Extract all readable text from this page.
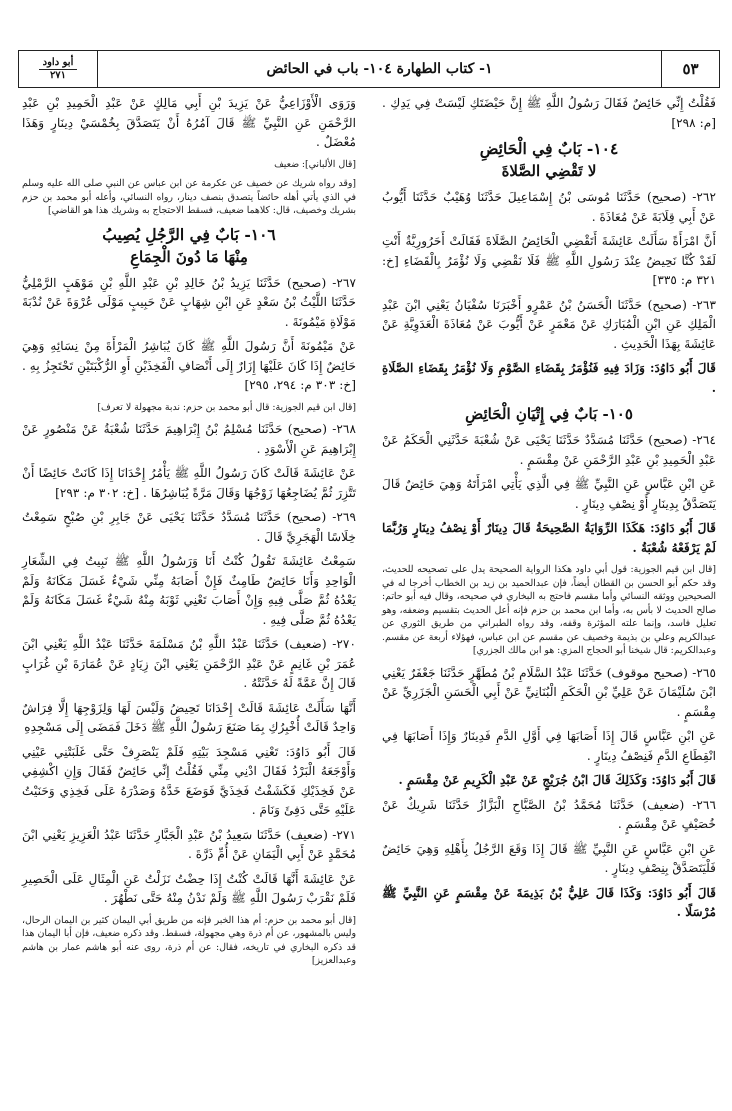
٥٣
١- كتاب الطهارة ١٠٤- باب في الحائض
أبو داود
٢٧١

فَقُلْتُ إِنِّي حَائِضٌ فَقَالَ رَسُولُ اللَّهِ ﷺ إِنَّ حَيْضَتَكِ لَيْسَتْ فِي يَدِكِ . [م: ٢٩٨]

١٠٤- بَابٌ فِي الْحَائِضِ
لا تَقْضِي الصَّلاةَ

٢٦٢- (صحيح) حَدَّثَنَا مُوسَى بْنُ إِسْمَاعِيلَ حَدَّثَنَا وُهَيْبٌ حَدَّثَنَا أَيُّوبُ عَنْ أَبِي قِلَابَةَ عَنْ مُعَاذَةَ .

أَنَّ امْرَأَةً سَأَلَتْ عَائِشَةَ أَتَقْضِي الْحَائِضُ الصَّلَاةَ فَقَالَتْ أَحَرُورِيَّةٌ أَنْتِ لَقَدْ كُنَّا نَحِيضُ عِنْدَ رَسُولِ اللَّهِ ﷺ فَلَا نَقْضِي وَلَا نُؤْمَرُ بِالْقَضَاءِ [خ: ٣٢١ م: ٣٣٥]

٢٦٣- (صحيح) حَدَّثَنَا الْحَسَنُ بْنُ عَمْرٍو أَخْبَرَنَا سُفْيَانُ يَعْنِي ابْنَ عَبْدِ الْمَلِكِ عَنِ ابْنِ الْمُبَارَكِ عَنْ مَعْمَرٍ عَنْ أَيُّوبَ عَنْ مُعَاذَةَ الْعَدَوِيَّةِ عَنْ عَائِشَةَ بِهَذَا الْحَدِيثِ .

قَالَ أَبُو دَاوُدَ: وَزَادَ فِيهِ فَنُؤْمَرُ بِقَضَاءِ الصَّوْمِ وَلَا نُؤْمَرُ بِقَضَاءِ الصَّلَاةِ .

١٠٥- بَابٌ فِي إِتْيَانِ الْحَائِضِ

٢٦٤- (صحيح) حَدَّثَنَا مُسَدَّدٌ حَدَّثَنَا يَحْيَى عَنْ شُعْبَةَ حَدَّثَنِي الْحَكَمُ عَنْ عَبْدِ الْحَمِيدِ بْنِ عَبْدِ الرَّحْمَنِ عَنْ مِقْسَمٍ .

عَنِ ابْنِ عَبَّاسٍ عَنِ النَّبِيِّ ﷺ فِي الَّذِي يَأْتِي امْرَأَتَهُ وَهِيَ حَائِضٌ قَالَ يَتَصَدَّقُ بِدِينَارٍ أَوْ نِصْفِ دِينَارٍ .

قَالَ أَبُو دَاوُدَ: هَكَذَا الرِّوَايَةُ الصَّحِيحَةُ قَالَ دِينَارٌ أَوْ نِصْفُ دِينَارٍ وَرُبَّمَا لَمْ يَرْفَعْهُ شُعْبَةُ .

[قال ابن قيم الجوزية: قول أبي داود هكذا الرواية الصحيحة يدل على تصحيحه للحديث، وقد حكم أبو الحسن بن القطان أيضاً، فإن عبدالحميد بن زيد بن الخطاب أخرجا له في الصحيحين ووثقه النسائي وأما مقسم فاحتج به البخاري في صحيحه، وقال فيه أبو حاتم: صالح الحديث لا بأس به، وأما ابن محمد بن حزم فإنه أعل الحديث بتقسيم وضعفه، وهو تعليل فاسد، وإنما علته المؤثرة وقفه، وقد رواه الطبراني من طريق الثوري عن عبدالكريم وعلي بن بذيمة وخصيف عن مقسم عن ابن عباس، فهؤلاء أربعة عن مقسم. وعبدالكريم: قال شيخنا أبو الحجاج المزي: هو ابن مالك الجزري]

٢٦٥- (صحيح موقوف) حَدَّثَنَا عَبْدُ السَّلَامِ بْنُ مُطَهَّرٍ حَدَّثَنَا جَعْفَرٌ يَعْنِي ابْنَ سُلَيْمَانَ عَنْ عَلِيِّ بْنِ الْحَكَمِ الْبُنَانِيِّ عَنْ أَبِي الْحَسَنِ الْجَزَرِيِّ عَنْ مِقْسَمٍ .

عَنِ ابْنِ عَبَّاسٍ قَالَ إِذَا أَصَابَهَا فِي أَوَّلِ الدَّمِ فَدِينَارٌ وَإِذَا أَصَابَهَا فِي انْقِطَاعِ الدَّمِ فَنِصْفُ دِينَارٍ .

قَالَ أَبُو دَاوُدَ: وَكَذَلِكَ قَالَ ابْنُ جُرَيْجٍ عَنْ عَبْدِ الْكَرِيمِ عَنْ مِقْسَمٍ .

٢٦٦- (ضعيف) حَدَّثَنَا مُحَمَّدُ بْنُ الصَّبَّاحِ الْبَزَّازُ حَدَّثَنَا شَرِيكٌ عَنْ خُصَيْفٍ عَنْ مِقْسَمٍ .

عَنِ ابْنِ عَبَّاسٍ عَنِ النَّبِيِّ ﷺ قَالَ إِذَا وَقَعَ الرَّجُلُ بِأَهْلِهِ وَهِيَ حَائِضٌ فَلْيَتَصَدَّقْ بِنِصْفِ دِينَارٍ .

قَالَ أَبُو دَاوُدَ: وَكَذَا قَالَ عَلِيُّ بْنُ بَذِيمَةَ عَنْ مِقْسَمٍ عَنِ النَّبِيِّ ﷺ مُرْسَلًا .

وَرَوَى الْأَوْزَاعِيُّ عَنْ يَزِيدَ بْنِ أَبِي مَالِكٍ عَنْ عَبْدِ الْحَمِيدِ بْنِ عَبْدِ الرَّحْمَنِ عَنِ النَّبِيِّ ﷺ قَالَ آمُرُهُ أَنْ يَتَصَدَّقَ بِخُمْسَيْ دِينَارٍ وَهَذَا مُعْضَلٌ .

[قال الألباني]: ضعيف

[وقد رواه شريك عن خصيف عن عكرمة عن ابن عباس عن النبي صلى الله عليه وسلم في الذي يأتي أهله حائضاً يتصدق بنصف دينار، رواه النسائي، وأعله أبو محمد بن حزم بشريك وخصيف، قال: كلاهما ضعيف، فسقط الاحتجاج به وشريك هذا هو القاضي]

١٠٦- بَابٌ فِي الرَّجُلِ يُصِيبُ
مِنْهَا مَا دُونَ الْجِمَاعِ

٢٦٧- (صحيح) حَدَّثَنَا يَزِيدُ بْنُ خَالِدِ بْنِ عَبْدِ اللَّهِ بْنِ مَوْهَبٍ الرَّمْلِيُّ حَدَّثَنَا اللَّيْثُ بْنُ سَعْدٍ عَنِ ابْنِ شِهَابٍ عَنْ حَبِيبٍ مَوْلَى عُرْوَةَ عَنْ نُدْبَةَ مَوْلَاةِ مَيْمُونَةَ .

عَنْ مَيْمُونَةَ أَنَّ رَسُولَ اللَّهِ ﷺ كَانَ يُبَاشِرُ الْمَرْأَةَ مِنْ نِسَائِهِ وَهِيَ حَائِضٌ إِذَا كَانَ عَلَيْهَا إِزَارٌ إِلَى أَنْصَافِ الْفَخِذَيْنِ أَوِ الرُّكْبَتَيْنِ تَحْتَجِزُ بِهِ . [خ: ٣٠٣ م: ٢٩٤، ٢٩٥]

[قال ابن قيم الجوزية: قال أبو محمد بن حزم: ندبة مجهولة لا تعرف]

٢٦٨- (صحيح) حَدَّثَنَا مُسْلِمُ بْنُ إِبْرَاهِيمَ حَدَّثَنَا شُعْبَةُ عَنْ مَنْصُورٍ عَنْ إِبْرَاهِيمَ عَنِ الْأَسْوَدِ .

عَنْ عَائِشَةَ قَالَتْ كَانَ رَسُولُ اللَّهِ ﷺ يَأْمُرُ إِحْدَانَا إِذَا كَانَتْ حَائِضًا أَنْ تَتَّزِرَ ثُمَّ يُضَاجِعُهَا زَوْجُهَا وَقَالَ مَرَّةً يُبَاشِرُهَا . [خ: ٣٠٢ م: ٢٩٣]

٢٦٩- (صحيح) حَدَّثَنَا مُسَدَّدٌ حَدَّثَنَا يَحْيَى عَنْ جَابِرِ بْنِ صُبْحٍ سَمِعْتُ خِلَاسًا الْهَجَرِيَّ قَالَ .

سَمِعْتُ عَائِشَةَ تَقُولُ كُنْتُ أَنَا وَرَسُولُ اللَّهِ ﷺ نَبِيتُ فِي الشِّعَارِ الْوَاحِدِ وَأَنَا حَائِضٌ طَامِثٌ فَإِنْ أَصَابَهُ مِنِّي شَيْءٌ غَسَلَ مَكَانَهُ وَلَمْ يَعْدُهُ ثُمَّ صَلَّى فِيهِ وَإِنْ أَصَابَ تَعْنِي ثَوْبَهُ مِنْهُ شَيْءٌ غَسَلَ مَكَانَهُ وَلَمْ يَعْدُهُ ثُمَّ صَلَّى فِيهِ .

٢٧٠- (ضعيف) حَدَّثَنَا عَبْدُ اللَّهِ بْنُ مَسْلَمَةَ حَدَّثَنَا عَبْدُ اللَّهِ يَعْنِي ابْنَ عُمَرَ بْنِ غَانِمٍ عَنْ عَبْدِ الرَّحْمَنِ يَعْنِي ابْنَ زِيَادٍ عَنْ عُمَارَةَ بْنِ غُرَابٍ قَالَ إِنَّ عَمَّةً لَهُ حَدَّثَتْهُ .

أَنَّهَا سَأَلَتْ عَائِشَةَ قَالَتْ إِحْدَانَا تَحِيضُ وَلَيْسَ لَهَا وَلِزَوْجِهَا إِلَّا فِرَاشٌ وَاحِدٌ قَالَتْ أُخْبِرُكِ بِمَا صَنَعَ رَسُولُ اللَّهِ ﷺ دَخَلَ فَمَضَى إِلَى مَسْجِدِهِ

قَالَ أَبُو دَاوُدَ: تَعْنِي مَسْجِدَ بَيْتِهِ فَلَمْ يَنْصَرِفْ حَتَّى غَلَبَتْنِي عَيْنِي وَأَوْجَعَهُ الْبَرْدُ فَقَالَ ادْنِي مِنِّي فَقُلْتُ إِنِّي حَائِضٌ فَقَالَ وَإِنِ اكْشِفِي عَنْ فَخِذَيْكِ فَكَشَفْتُ فَخِذَيَّ فَوَضَعَ خَدَّهُ وَصَدْرَهُ عَلَى فَخِذِي وَحَنَيْتُ عَلَيْهِ حَتَّى دَفِئَ وَنَامَ .

٢٧١- (ضعيف) حَدَّثَنَا سَعِيدُ بْنُ عَبْدِ الْجَبَّارِ حَدَّثَنَا عَبْدُ الْعَزِيزِ يَعْنِي ابْنَ مُحَمَّدٍ عَنْ أَبِي الْيَمَانِ عَنْ أُمِّ ذَرَّةَ .

عَنْ عَائِشَةَ أَنَّهَا قَالَتْ كُنْتُ إِذَا حِضْتُ نَزَلْتُ عَنِ الْمِثَالِ عَلَى الْحَصِيرِ فَلَمْ نَقْرَبْ رَسُولَ اللَّهِ ﷺ وَلَمْ نَدْنُ مِنْهُ حَتَّى نَطْهُرَ .

[قال أبو محمد بن حزم: أم هذا الخبر فإنه من طريق أبي اليمان كثير بن اليمان الرحال، وليس بالمشهور، عن أم ذرة وهي مجهولة، فسقط. وقد ذكره ضعيف، فإن أبا اليمان هذا قد ذكره البخاري في تاريخه، فقال: عن أم ذرة، روى عنه أبو هاشم عمار بن هاشم وعبدالعزيز]
